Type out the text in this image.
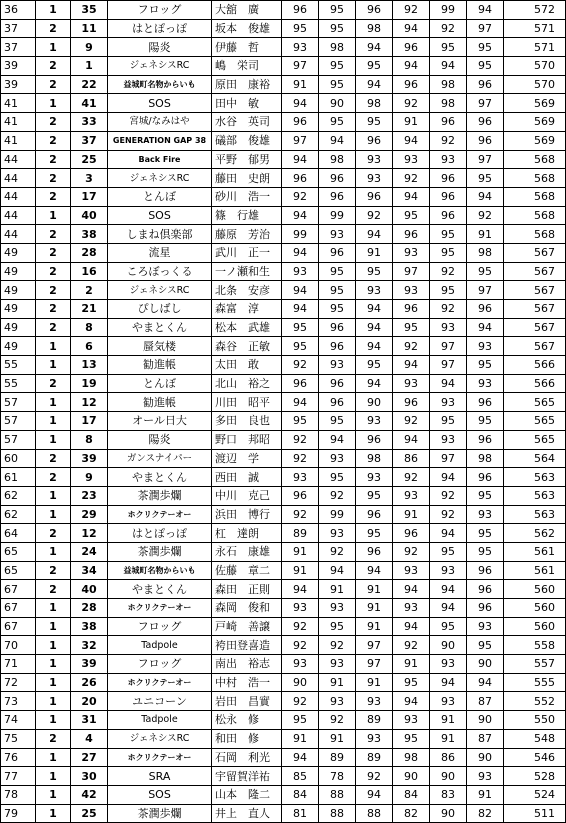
36	1	35	フロッグ	大舘　廣	96	95	96	92	99	94	572
37	2	11	はとぽっぽ	坂本　俊雄	95	95	98	94	92	97	571
37	1	9	陽炎	伊藤　哲	93	98	94	96	95	95	571
39	2	1	ジェネシスRC	嶋　栄司	97	95	95	94	94	95	570
39	2	22	益城町名物からいも	原田　康裕	91	95	94	96	98	96	570
41	1	41	SOS	田中　敏	94	90	98	92	98	97	569
41	2	33	宮城/なみはや	水谷　英司	96	95	95	91	96	96	569
41	2	37	GENERATION GAP 38	礒部　俊雄	97	94	96	94	92	96	569
44	2	25	Back Fire	平野　郁男	94	98	93	93	93	97	568
44	2	3	ジェネシスRC	藤田　史朗	96	96	93	92	96	95	568
44	2	17	とんぼ	砂川　浩一	92	96	96	94	96	94	568
44	1	40	SOS	篠　行雄	94	99	92	95	96	92	568
44	2	38	しまね倶楽部	藤原　芳治	99	93	94	96	95	91	568
49	2	28	流星	武川　正一	94	96	91	93	95	98	567
49	2	16	ころぼっくる	一ノ瀬和生	93	95	95	97	92	95	567
49	2	2	ジェネシスRC	北条　安彦	94	95	93	93	95	97	567
49	2	21	ぴしばし	森富　淳	94	95	94	96	92	96	567
49	2	8	やまとくん	松本　武雄	95	96	94	95	93	94	567
49	1	6	蜃気楼	森谷　正敏	95	96	94	92	97	93	567
55	1	13	勧進帳	太田　敢	92	93	95	94	97	95	566
55	2	19	とんぼ	北山　裕之	96	96	94	93	94	93	566
57	1	12	勧進帳	川田　昭平	94	96	90	96	93	96	565
57	1	17	オール日大	多田　良也	95	95	93	92	95	95	565
57	1	8	陽炎	野口　邦昭	92	94	96	94	93	96	565
60	2	39	ガンスナイパー	渡辺　学	92	93	98	86	97	98	564
61	2	9	やまとくん	西田　誠	93	95	93	92	94	96	563
62	1	23	茶潤歩爛	中川　克己	96	92	95	93	92	95	563
62	1	29	ホクリクテーオー	浜田　博行	92	99	96	91	92	93	563
64	2	12	はとぽっぽ	杠　達朗	89	93	95	96	94	95	562
65	1	24	茶潤歩爛	永石　康雄	91	92	96	92	95	95	561
65	2	34	益城町名物からいも	佐藤　章二	91	94	94	93	93	96	561
67	2	40	やまとくん	森田　正則	94	91	91	94	94	96	560
67	1	28	ホクリクテーオー	森岡　俊和	93	93	91	93	94	96	560
67	1	38	フロッグ	戸崎　善譲	92	95	91	94	95	93	560
70	1	32	Tadpole	袴田登喜造	92	92	97	92	90	95	558
71	1	39	フロッグ	南出　裕志	93	93	97	91	93	90	557
72	1	26	ホクリクテーオー	中村　浩一	90	91	91	95	94	94	555
73	1	20	ユニコーン	岩田　昌實	92	93	93	94	93	87	552
74	1	31	Tadpole	松永　修	95	92	89	93	91	90	550
75	2	4	ジェネシスRC	和田　修	91	91	93	95	91	87	548
76	1	27	ホクリクテーオー	石岡　利光	94	89	89	98	86	90	546
77	1	30	SRA	宇留賀洋祐	85	78	92	90	90	93	528
78	1	42	SOS	山本　隆二	84	88	94	84	83	91	524
79	1	25	茶潤歩爛	井上　直人	81	88	88	82	90	82	511
